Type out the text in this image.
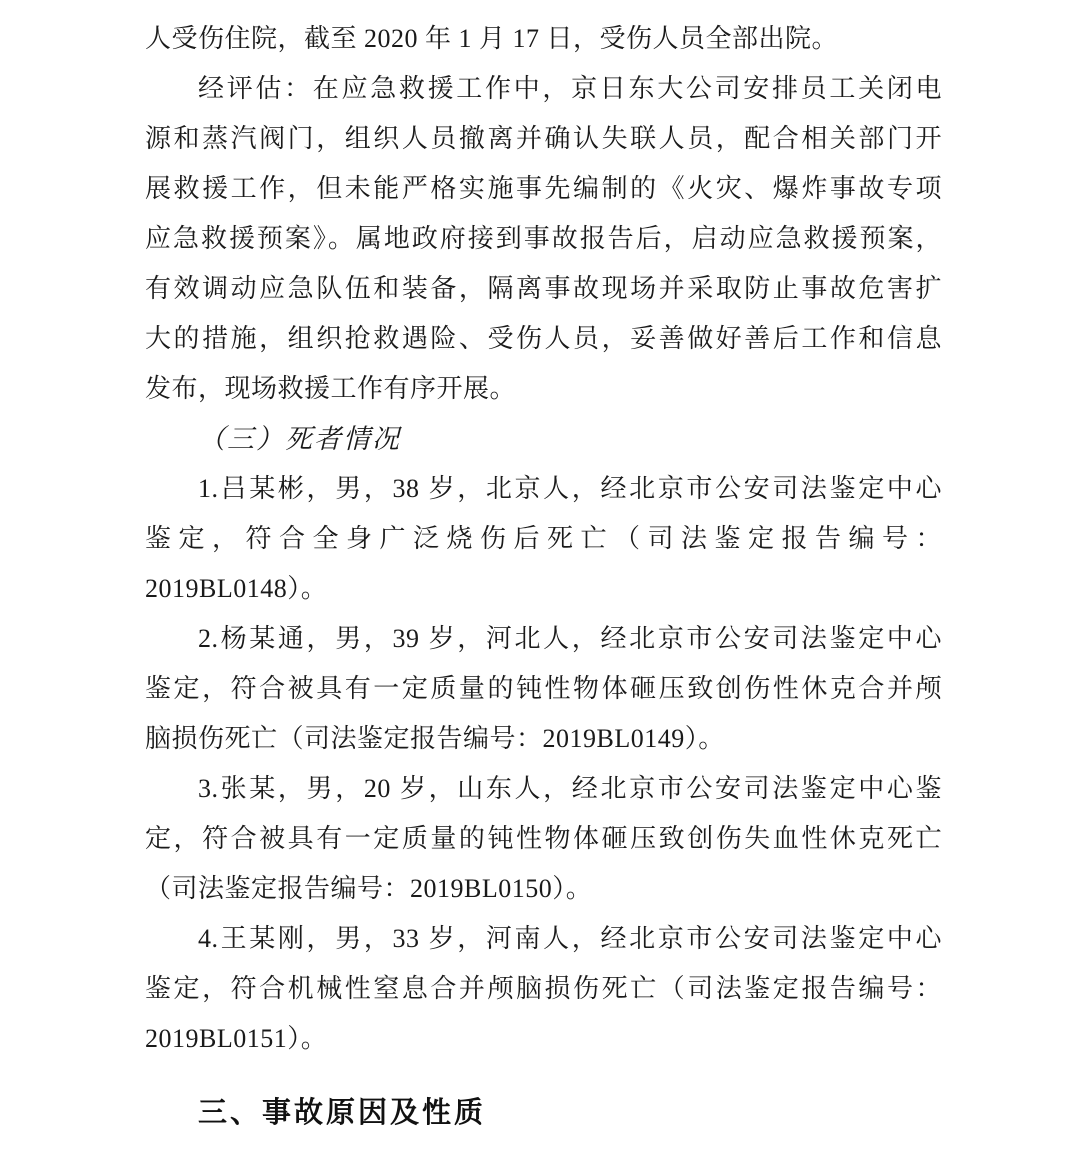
人受伤住院，截至 2020 年 1 月 17 日，受伤人员全部出院。
经评估：在应急救援工作中，京日东大公司安排员工关闭电
源和蒸汽阀门，组织人员撤离并确认失联人员，配合相关部门开
展救援工作，但未能严格实施事先编制的《火灾、爆炸事故专项
应急救援预案》。属地政府接到事故报告后，启动应急救援预案，
有效调动应急队伍和装备，隔离事故现场并采取防止事故危害扩
大的措施，组织抢救遇险、受伤人员，妥善做好善后工作和信息
发布，现场救援工作有序开展。
（三）死者情况
1.吕某彬，男，38 岁，北京人，经北京市公安司法鉴定中心
鉴定，符合全身广泛烧伤后死亡（司法鉴定报告编号：
2019BL0148）。
2.杨某通，男，39 岁，河北人，经北京市公安司法鉴定中心
鉴定，符合被具有一定质量的钝性物体砸压致创伤性休克合并颅
脑损伤死亡（司法鉴定报告编号：2019BL0149）。
3.张某，男，20 岁，山东人，经北京市公安司法鉴定中心鉴
定，符合被具有一定质量的钝性物体砸压致创伤失血性休克死亡
（司法鉴定报告编号：2019BL0150）。
4.王某刚，男，33 岁，河南人，经北京市公安司法鉴定中心
鉴定，符合机械性窒息合并颅脑损伤死亡（司法鉴定报告编号：
2019BL0151）。
三、事故原因及性质
